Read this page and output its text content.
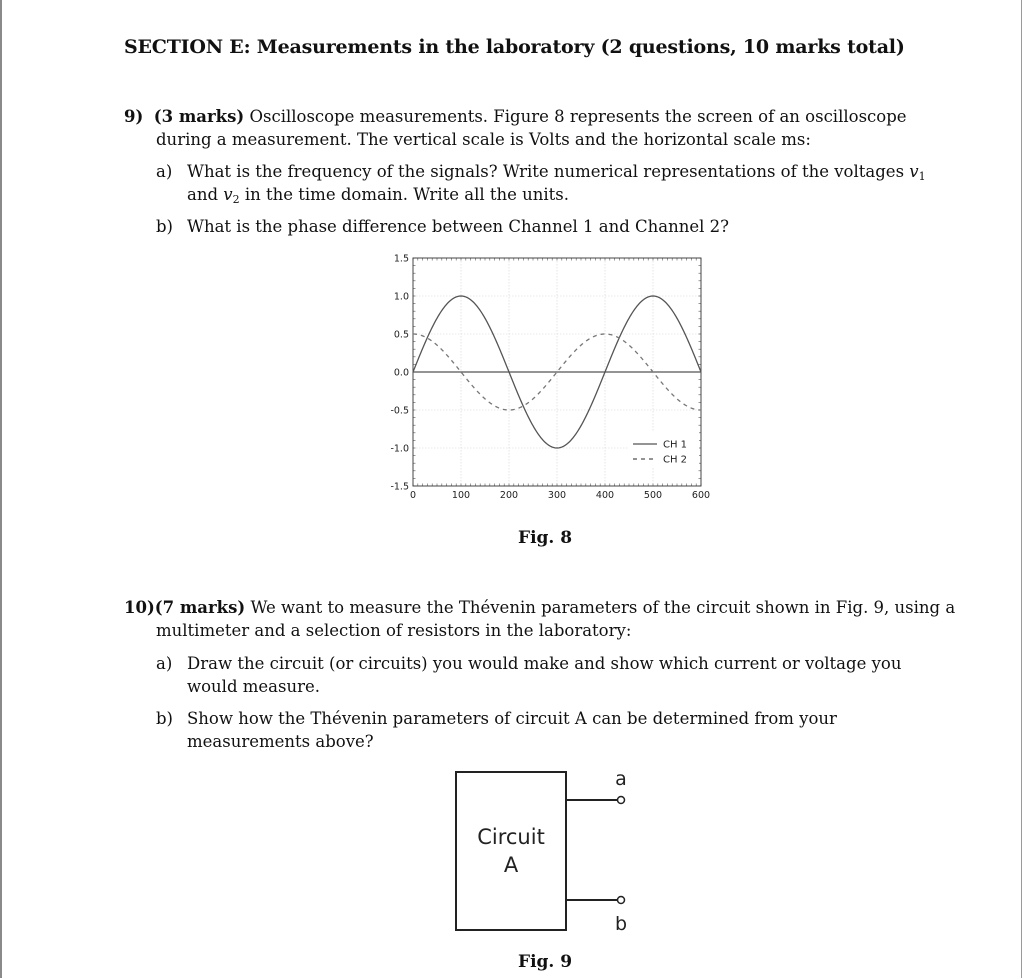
SECTION E: Measurements in the laboratory (2 questions, 10 marks total)
9) (3 marks) Oscilloscope measurements. Figure 8 represents the screen of an oscilloscope
during a measurement. The vertical scale is Volts and the horizontal scale ms:
a) What is the frequency of the signals? Write numerical representations of the voltages $v_1$
and $v_2$ in the time domain. Write all the units.
b) What is the phase difference between Channel 1 and Channel 2?
0	100	200	300	400	500	600
1.5
1.0
0.5
0.0
-0.5
-1.0
-1.5
CH 1
CH 2
Fig. 8
10)(7 marks) We want to measure the Thévenin parameters of the circuit shown in Fig. 9, using a
multimeter and a selection of resistors in the laboratory:
a) Draw the circuit (or circuits) you would make and show which current or voltage you
would measure.
b) Show how the Thévenin parameters of circuit A can be determined from your
measurements above?
Circuit
A
a
b
Fig. 9
